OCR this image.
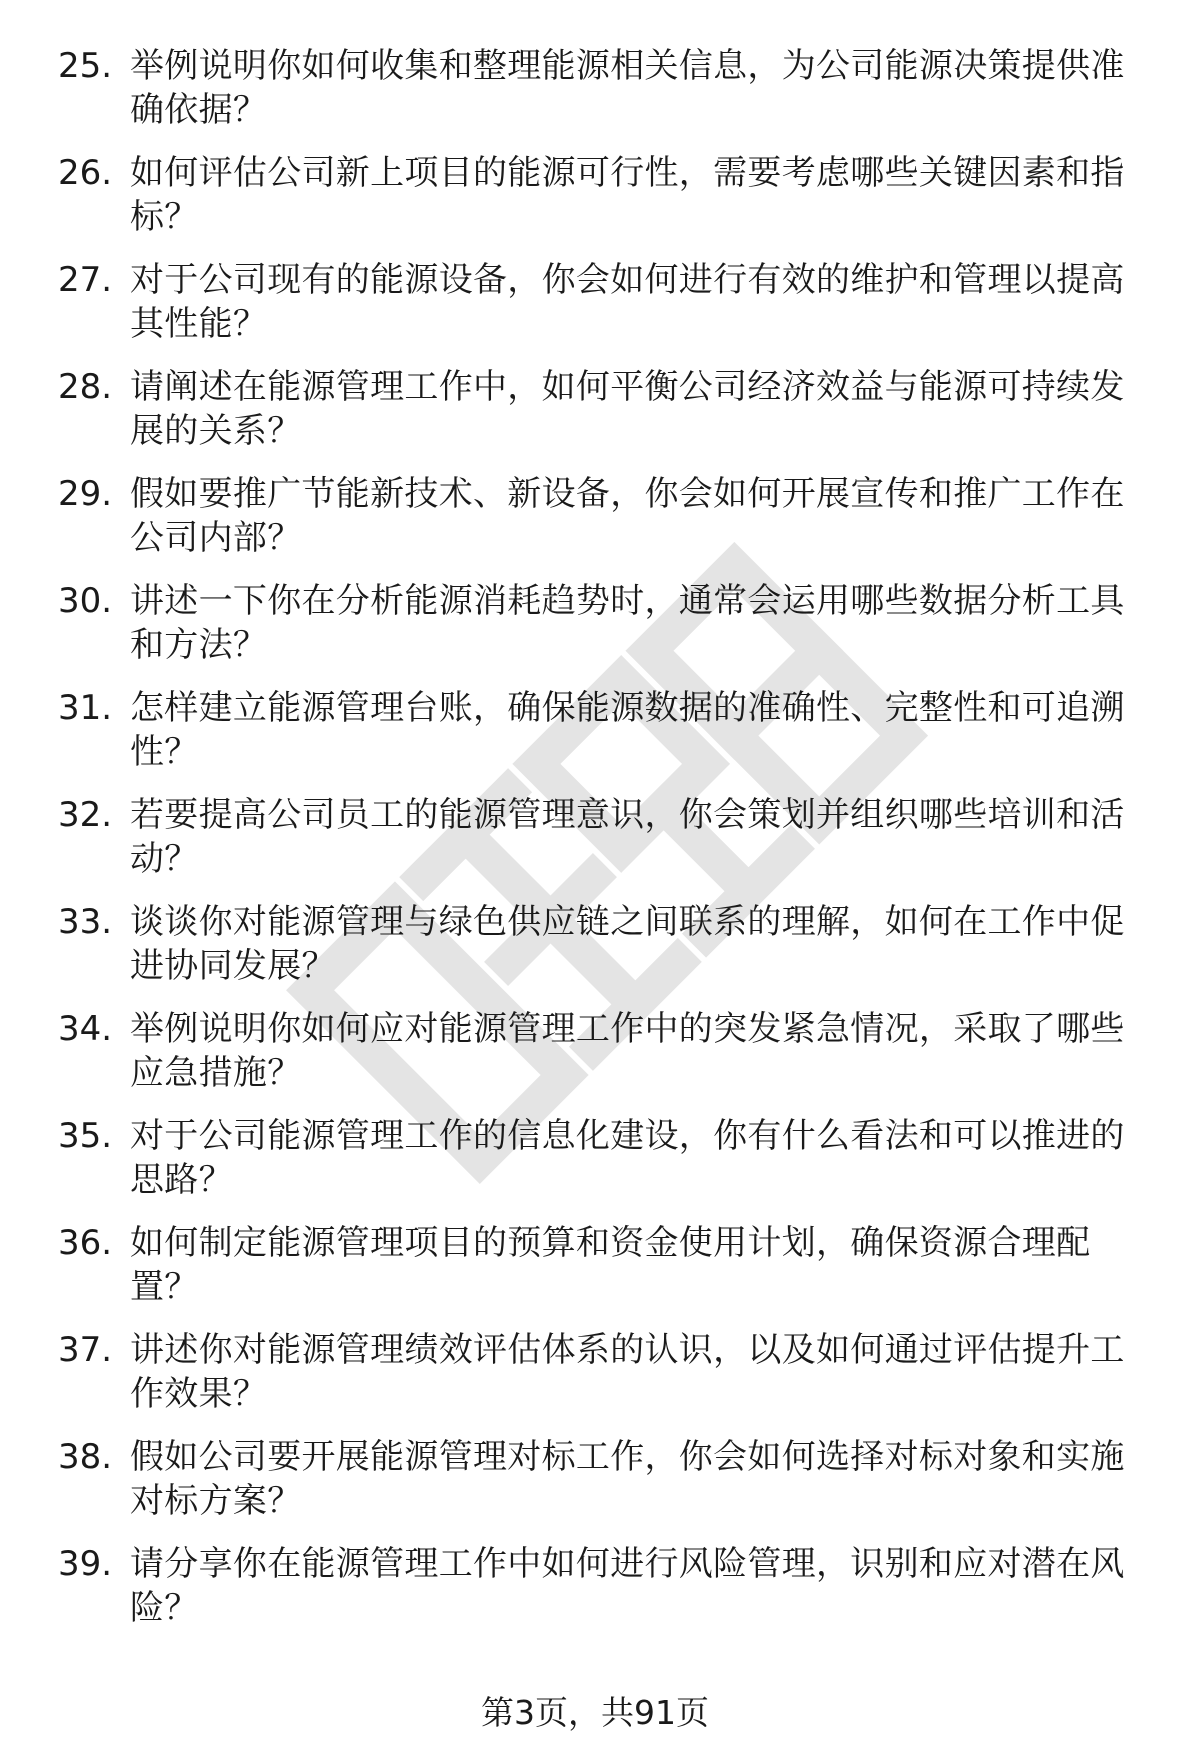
25. 举例说明你如何收集和整理能源相关信息，为公司能源决策提供准确依据？
26. 如何评估公司新上项目的能源可行性，需要考虑哪些关键因素和指标？
27. 对于公司现有的能源设备，你会如何进行有效的维护和管理以提高其性能？
28. 请阐述在能源管理工作中，如何平衡公司经济效益与能源可持续发展的关系？
29. 假如要推广节能新技术、新设备，你会如何开展宣传和推广工作在公司内部？
30. 讲述一下你在分析能源消耗趋势时，通常会运用哪些数据分析工具和方法？
31. 怎样建立能源管理台账，确保能源数据的准确性、完整性和可追溯性？
32. 若要提高公司员工的能源管理意识，你会策划并组织哪些培训和活动？
33. 谈谈你对能源管理与绿色供应链之间联系的理解，如何在工作中促进协同发展？
34. 举例说明你如何应对能源管理工作中的突发紧急情况，采取了哪些应急措施？
35. 对于公司能源管理工作的信息化建设，你有什么看法和可以推进的思路？
36. 如何制定能源管理项目的预算和资金使用计划，确保资源合理配置？
37. 讲述你对能源管理绩效评估体系的认识，以及如何通过评估提升工作效果？
38. 假如公司要开展能源管理对标工作，你会如何选择对标对象和实施对标方案？
39. 请分享你在能源管理工作中如何进行风险管理，识别和应对潜在风险？
第3页，共91页
